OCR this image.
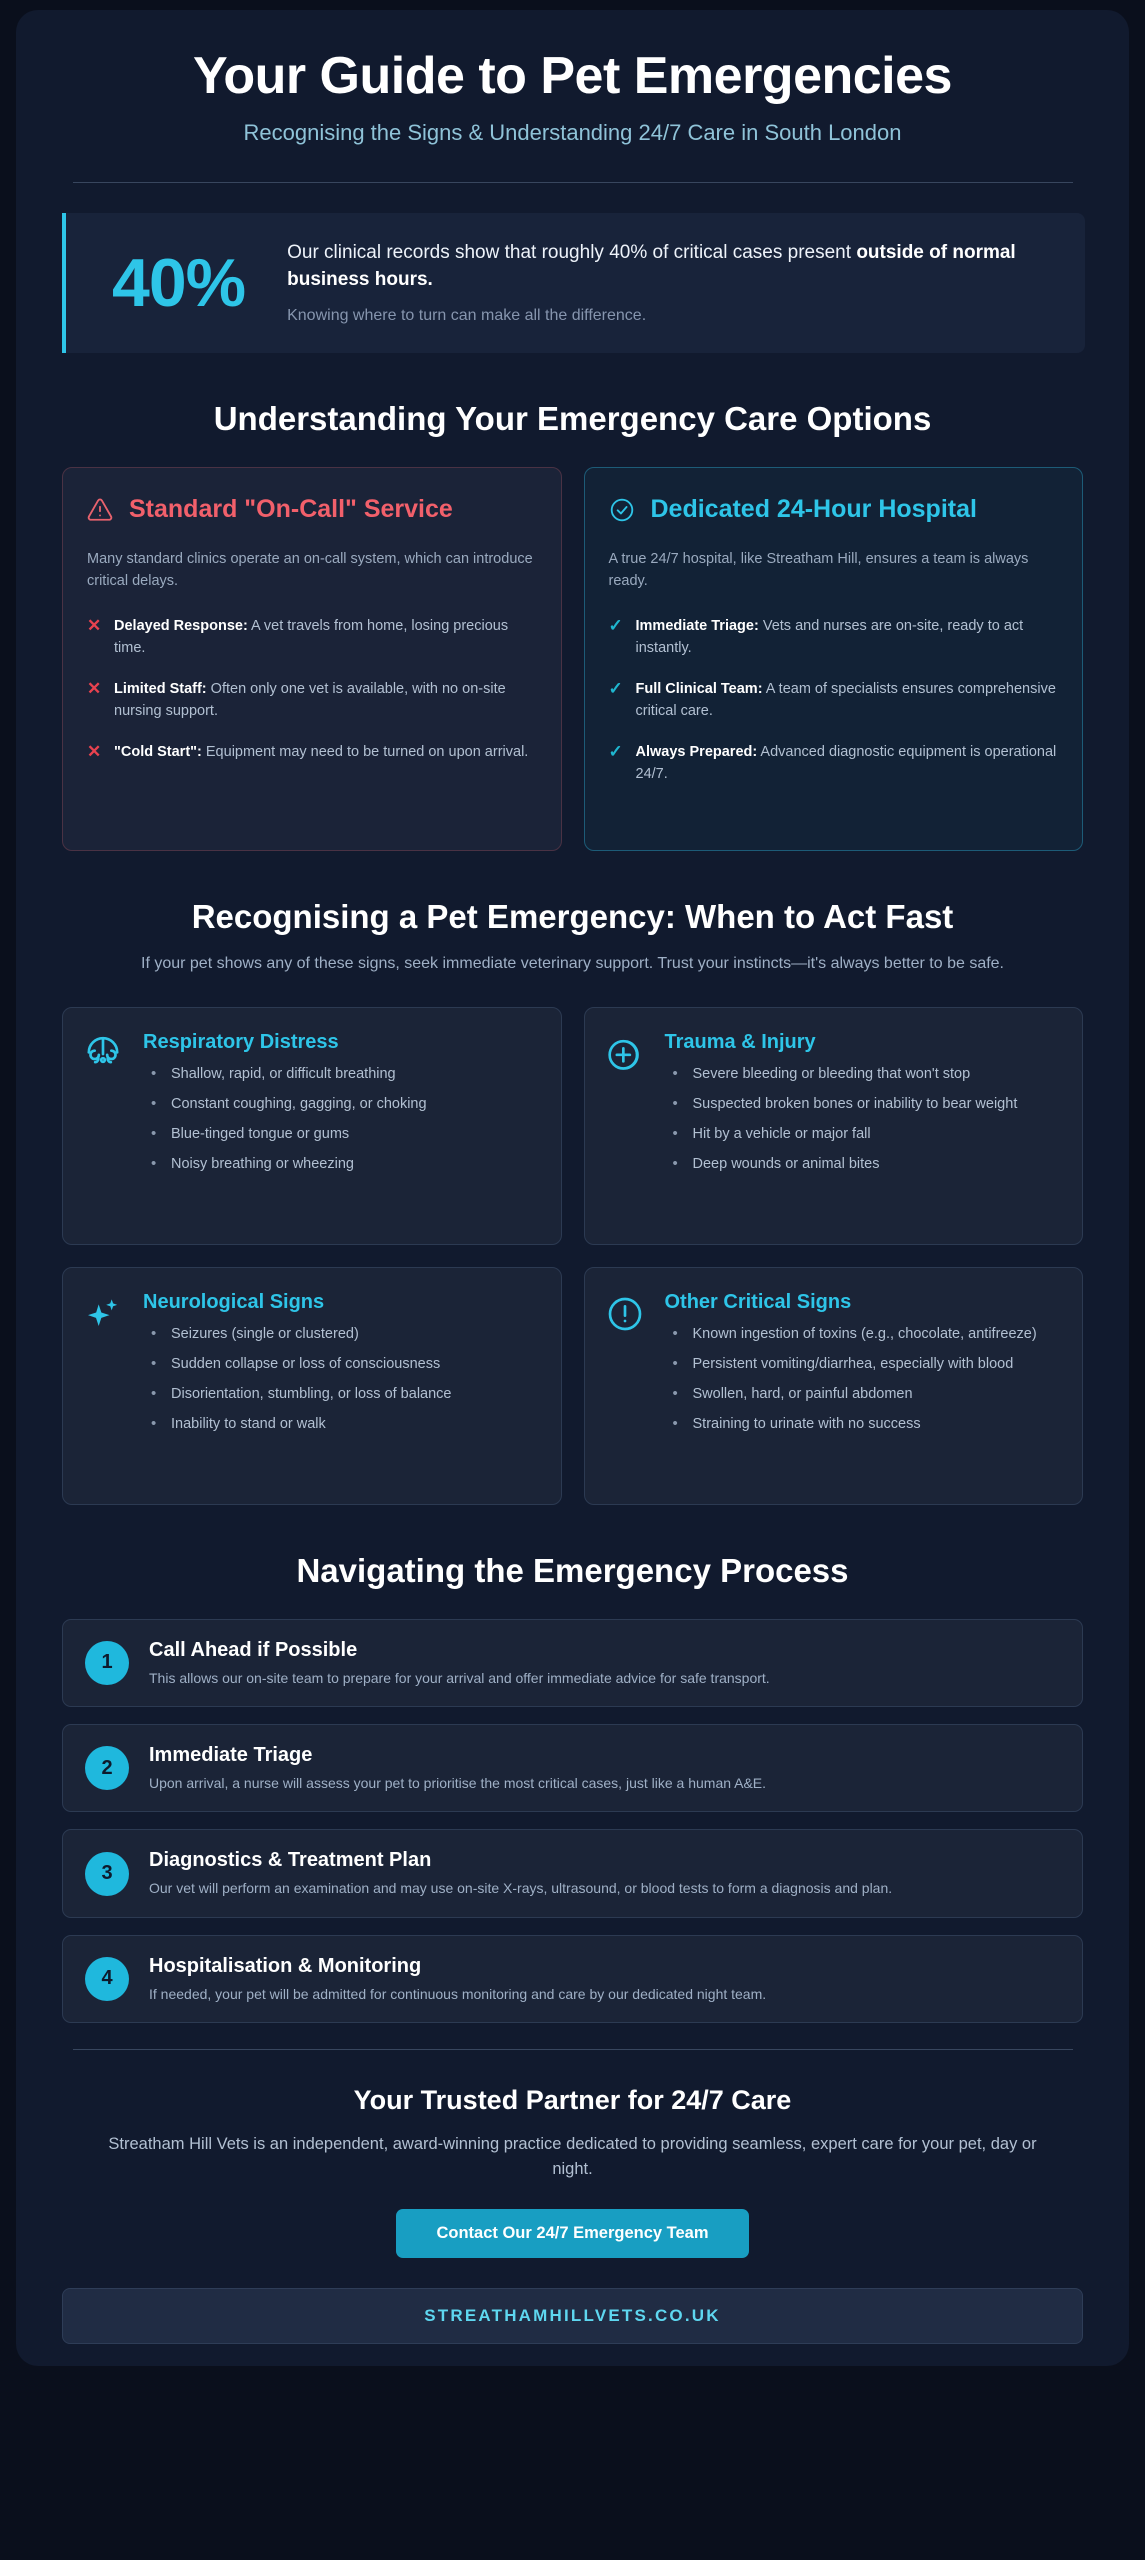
Your Guide to Pet Emergencies
Recognising the Signs & Understanding 24/7 Care in South London
40%	Our clinical records show that roughly 40% of critical cases present outside of normal business hours.
Knowing where to turn can make all the difference.
Understanding Your Emergency Care Options
Standard "On-Call" Service
Many standard clinics operate an on-call system, which can introduce critical delays.
✕ Delayed Response: A vet travels from home, losing precious time.
✕ Limited Staff: Often only one vet is available, with no on-site nursing support.
✕ "Cold Start": Equipment may need to be turned on upon arrival.
Dedicated 24-Hour Hospital
A true 24/7 hospital, like Streatham Hill, ensures a team is always ready.
✓ Immediate Triage: Vets and nurses are on-site, ready to act instantly.
✓ Full Clinical Team: A team of specialists ensures comprehensive critical care.
✓ Always Prepared: Advanced diagnostic equipment is operational 24/7.
Recognising a Pet Emergency: When to Act Fast
If your pet shows any of these signs, seek immediate veterinary support. Trust your instincts—it's always better to be safe.
Respiratory Distress
• Shallow, rapid, or difficult breathing
• Constant coughing, gagging, or choking
• Blue-tinged tongue or gums
• Noisy breathing or wheezing
Trauma & Injury
• Severe bleeding or bleeding that won't stop
• Suspected broken bones or inability to bear weight
• Hit by a vehicle or major fall
• Deep wounds or animal bites
Neurological Signs
• Seizures (single or clustered)
• Sudden collapse or loss of consciousness
• Disorientation, stumbling, or loss of balance
• Inability to stand or walk
Other Critical Signs
• Known ingestion of toxins (e.g., chocolate, antifreeze)
• Persistent vomiting/diarrhea, especially with blood
• Swollen, hard, or painful abdomen
• Straining to urinate with no success
Navigating the Emergency Process
1
Call Ahead if Possible

This allows our on-site team to prepare for your arrival and offer immediate advice for safe transport.

2
Immediate Triage

Upon arrival, a nurse will assess your pet to prioritise the most critical cases, just like a human A&E.

3
Diagnostics & Treatment Plan

Our vet will perform an examination and may use on-site X-rays, ultrasound, or blood tests to form a diagnosis and plan.

4
Hospitalisation & Monitoring

If needed, your pet will be admitted for continuous monitoring and care by our dedicated night team.

Your Trusted Partner for 24/7 Care

Streatham Hill Vets is an independent, award-winning practice dedicated to providing seamless, expert care for your pet, day or night.

Contact Our 24/7 Emergency Team
STREATHAMHILLVETS.CO.UK
